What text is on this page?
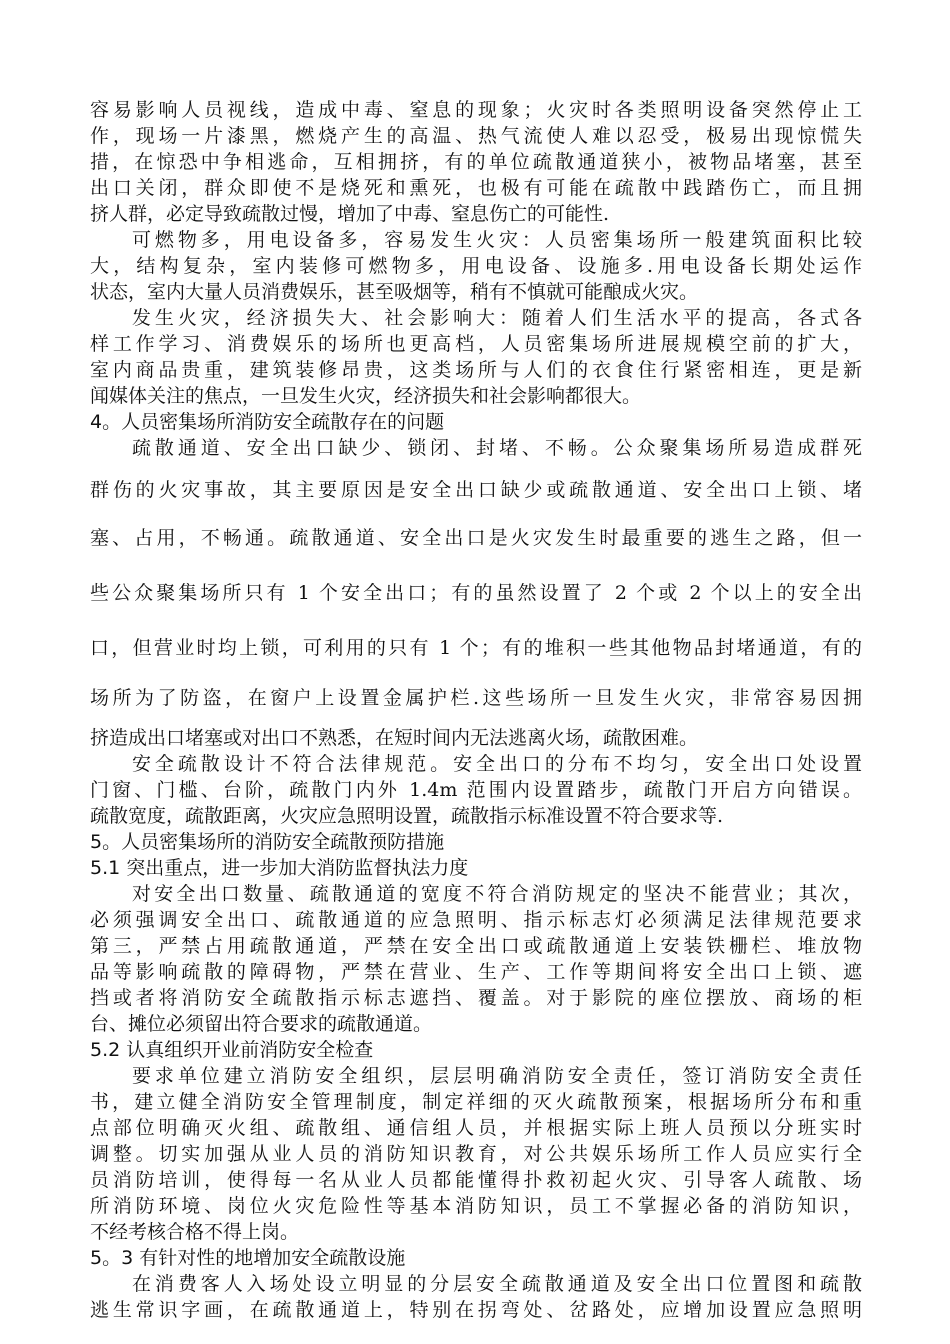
容易影响人员视线，造成中毒、窒息的现象；火灾时各类照明设备突然停止工
作，现场一片漆黑，燃烧产生的高温、热气流使人难以忍受，极易出现惊慌失
措，在惊恐中争相逃命，互相拥挤，有的单位疏散通道狭小，被物品堵塞，甚至
出口关闭，群众即使不是烧死和熏死，也极有可能在疏散中践踏伤亡，而且拥
挤人群，必定导致疏散过慢，增加了中毒、窒息伤亡的可能性.
可燃物多，用电设备多，容易发生火灾：人员密集场所一般建筑面积比较
大，结构复杂，室内装修可燃物多，用电设备、设施多.用电设备长期处运作
状态，室内大量人员消费娱乐，甚至吸烟等，稍有不慎就可能酿成火灾。
发生火灾，经济损失大、社会影响大：随着人们生活水平的提高，各式各
样工作学习、消费娱乐的场所也更高档，人员密集场所进展规模空前的扩大，
室内商品贵重，建筑装修昂贵，这类场所与人们的衣食住行紧密相连，更是新
闻媒体关注的焦点，一旦发生火灾，经济损失和社会影响都很大。
4。人员密集场所消防安全疏散存在的问题
疏散通道、安全出口缺少、锁闭、封堵、不畅。公众聚集场所易造成群死
群伤的火灾事故，其主要原因是安全出口缺少或疏散通道、安全出口上锁、堵
塞、占用，不畅通。疏散通道、安全出口是火灾发生时最重要的逃生之路，但一
些公众聚集场所只有 1 个安全出口；有的虽然设置了 2 个或 2 个以上的安全出
口，但营业时均上锁，可利用的只有 1 个；有的堆积一些其他物品封堵通道，有的
场所为了防盗，在窗户上设置金属护栏.这些场所一旦发生火灾，非常容易因拥
挤造成出口堵塞或对出口不熟悉，在短时间内无法逃离火场，疏散困难。
安全疏散设计不符合法律规范。安全出口的分布不均匀，安全出口处设置
门窗、门槛、台阶，疏散门内外 1.4m 范围内设置踏步，疏散门开启方向错误。
疏散宽度，疏散距离，火灾应急照明设置，疏散指示标准设置不符合要求等.
5。人员密集场所的消防安全疏散预防措施
5.1 突出重点，进一步加大消防监督执法力度
对安全出口数量、疏散通道的宽度不符合消防规定的坚决不能营业；其次，
必须强调安全出口、疏散通道的应急照明、指示标志灯必须满足法律规范要求
第三，严禁占用疏散通道，严禁在安全出口或疏散通道上安装铁栅栏、堆放物
品等影响疏散的障碍物，严禁在营业、生产、工作等期间将安全出口上锁、遮
挡或者将消防安全疏散指示标志遮挡、覆盖。对于影院的座位摆放、商场的柜
台、摊位必须留出符合要求的疏散通道。
5.2 认真组织开业前消防安全检查
要求单位建立消防安全组织，层层明确消防安全责任，签订消防安全责任
书，建立健全消防安全管理制度，制定祥细的灭火疏散预案，根据场所分布和重
点部位明确灭火组、疏散组、通信组人员，并根据实际上班人员预以分班实时
调整。切实加强从业人员的消防知识教育，对公共娱乐场所工作人员应实行全
员消防培训，使得每一名从业人员都能懂得扑救初起火灾、引导客人疏散、场
所消防环境、岗位火灾危险性等基本消防知识，员工不掌握必备的消防知识，
不经考核合格不得上岗。
5。3 有针对性的地增加安全疏散设施
在消费客人入场处设立明显的分层安全疏散通道及安全出口位置图和疏散
逃生常识字画，在疏散通道上，特别在拐弯处、岔路处，应增加设置应急照明
